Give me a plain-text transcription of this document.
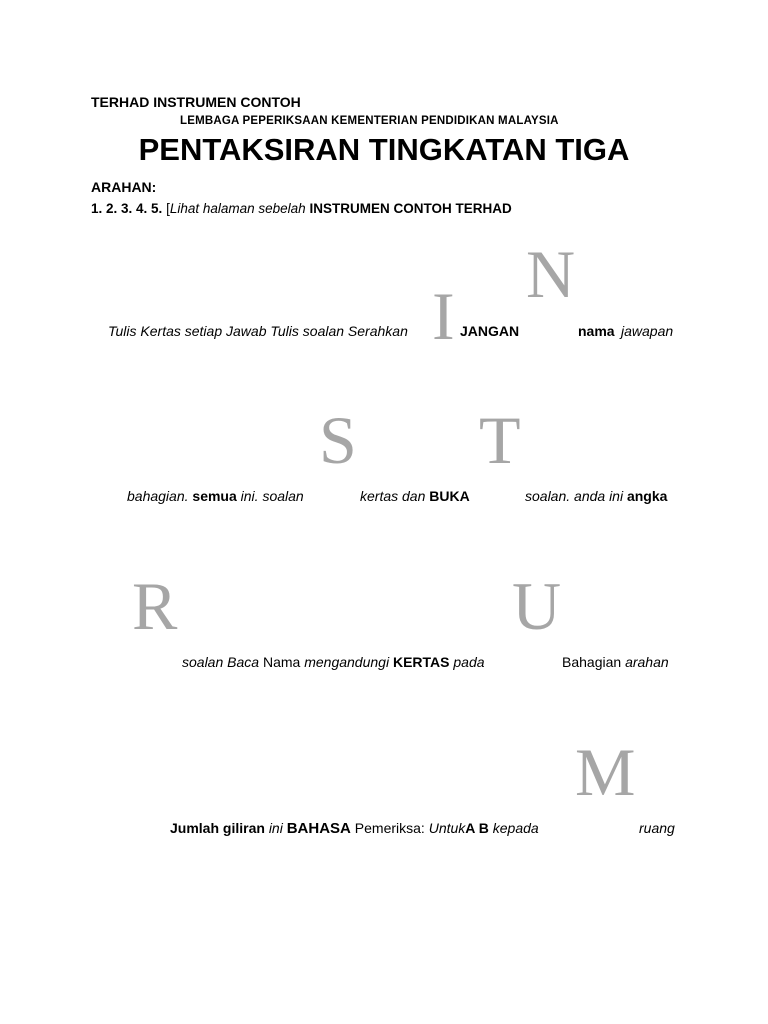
TERHAD INSTRUMEN CONTOH
LEMBAGA PEPERIKSAAN KEMENTERIAN PENDIDIKAN MALAYSIA
PENTAKSIRAN TINGKATAN TIGA
ARAHAN:
1. 2. 3. 4. 5. [Lihat halaman sebelah INSTRUMEN CONTOH TERHAD
I
N
S T
R	U
M
Tulis Kertas setiap Jawab Tulis soalan Serahkan	JANGAN	nama jawapan
bahagian. semua ini. soalan	kertas dan BUKA	soalan. anda ini angka
soalan Baca Nama mengandungi KERTAS pada	Bahagian arahan
Jumlah giliran ini BAHASA Pemeriksa: UntukA B kepada	ruang
